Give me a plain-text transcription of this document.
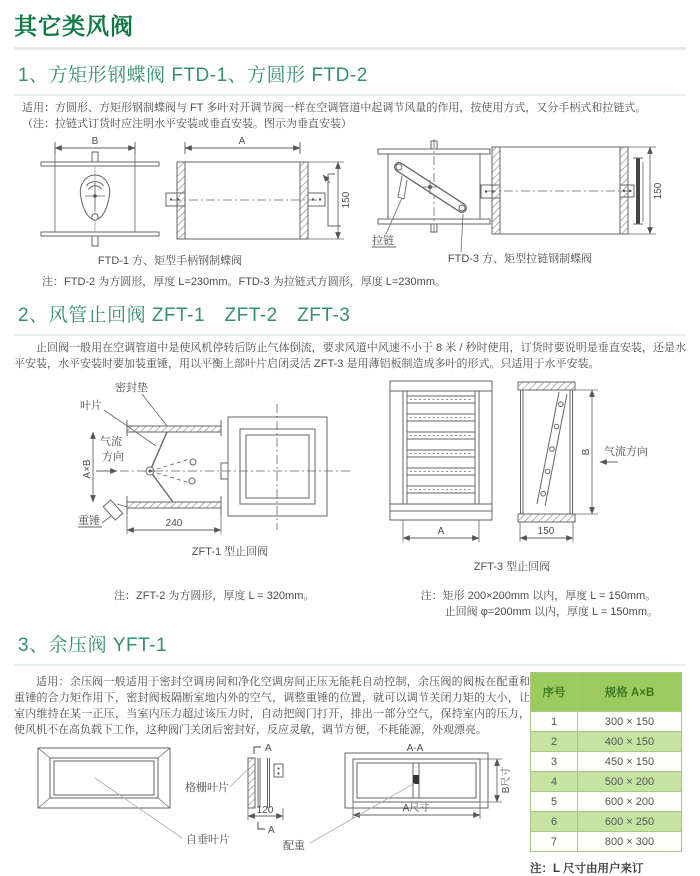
其它类风阀
1、方矩形钢蝶阀 FTD-1、方圆形 FTD-2
适用：方圆形、方矩形钢制蝶阀与 FT 多叶对开调节阀一样在空调管道中起调节风量的作用，按使用方式，又分手柄式和拉链式。
（注：拉链式订货时应注明水平安装或垂直安装。图示为垂直安装）
B	A
150
拉链
150
FTD-1 方、矩型手柄钢制蝶阀	FTD-3 方、矩型拉链钢制蝶阀
注：FTD-2 为方圆形，厚度 L=230mm。FTD-3 为拉链式方圆形，厚度 L=230mm。
2、风管止回阀 ZFT-1　ZFT-2　ZFT-3
止回阀一般用在空调管道中是使风机停转后防止气体倒流，要求风道中风速不小于 8 米 / 秒时使用，订货时要说明是垂直安装，还是水平安装，水平安装时要加装重锤，用以平衡上部叶片启闭灵活 ZFT-3 是用薄铝板制造成多叶的形式。只适用于水平安装。
密封垫
叶片
气流
方向
A×B
重锤	240
ZFT-1 型止回阀
A
B 气流方向
150
ZFT-3 型止回阀
注：ZFT-2 为方圆形，厚度 L = 320mm。	注：矩形 200×200mm 以内，厚度 L = 150mm。
止回阀 φ=200mm 以内，厚度 L = 150mm。
3、余压阀 YFT-1
适用：余压阀一般适用于密封空调房间和净化空调房间正压无能耗自动控制，余压阀的阀板在配重和重锤的合力矩作用下，密封阀板隔断室地内外的空气，调整重锤的位置，就可以调节关闭力矩的大小，让室内维持在某一正压，当室内压力超过该压力时，自动把阀门打开，排出一部分空气，保持室内的压力，使风机不在高负载下工作，这种阀门关闭后密封好，反应灵敏，调节方便，不耗能源，外观漂亮。
格栅叶片
自垂叶片
A
120
A
A-A
B尺寸
A尺寸
配重
序号	规格 A×B
1	300 × 150
2	400 × 150
3	450 × 150
4	500 × 200
5	600 × 200
6	600 × 250
7	800 × 300
注：L 尺寸由用户来订
